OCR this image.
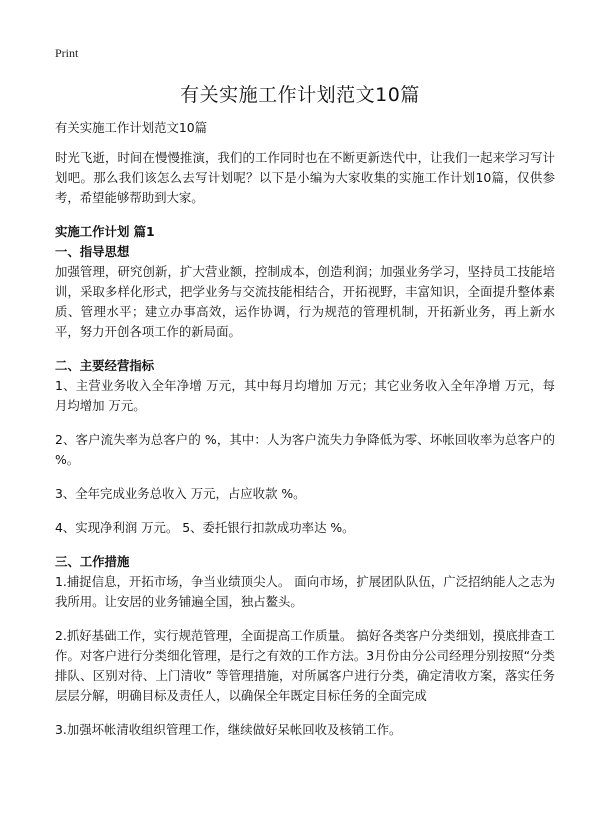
Print
有关实施工作计划范文10篇

有关实施工作计划范文10篇

时光飞逝，时间在慢慢推演，我们的工作同时也在不断更新迭代中，让我们一起来学习写计划吧。那么我们该怎么去写计划呢？以下是小编为大家收集的实施工作计划10篇，仅供参考，希望能够帮助到大家。

实施工作计划 篇1

一、指导思想

加强管理，研究创新，扩大营业额，控制成本，创造利润；加强业务学习，坚持员工技能培训，采取多样化形式，把学业务与交流技能相结合，开拓视野，丰富知识，全面提升整体素质、管理水平；建立办事高效，运作协调，行为规范的管理机制，开拓新业务，再上新水平，努力开创各项工作的新局面。

二、主要经营指标

1、主营业务收入全年净增 万元，其中每月均增加 万元；其它业务收入全年净增 万元，每月均增加 万元。

2、客户流失率为总客户的 %，其中：人为客户流失力争降低为零、坏帐回收率为总客户的 %。

3、全年完成业务总收入 万元，占应收款 %。

4、实现净利润 万元。 5、委托银行扣款成功率达 %。

三、工作措施

1.捕捉信息，开拓市场，争当业绩顶尖人。 面向市场，扩展团队队伍，广泛招纳能人之志为我所用。让安居的业务铺遍全国，独占鳌头。

2.抓好基础工作，实行规范管理，全面提高工作质量。 搞好各类客户分类细划，摸底排查工作。对客户进行分类细化管理，是行之有效的工作方法。3月份由分公司经理分别按照“分类排队、区别对待、上门清收” 等管理措施，对所属客户进行分类，确定清收方案，落实任务层层分解，明确目标及责任人，以确保全年既定目标任务的全面完成

3.加强坏帐清收组织管理工作，继续做好呆帐回收及核销工作。
